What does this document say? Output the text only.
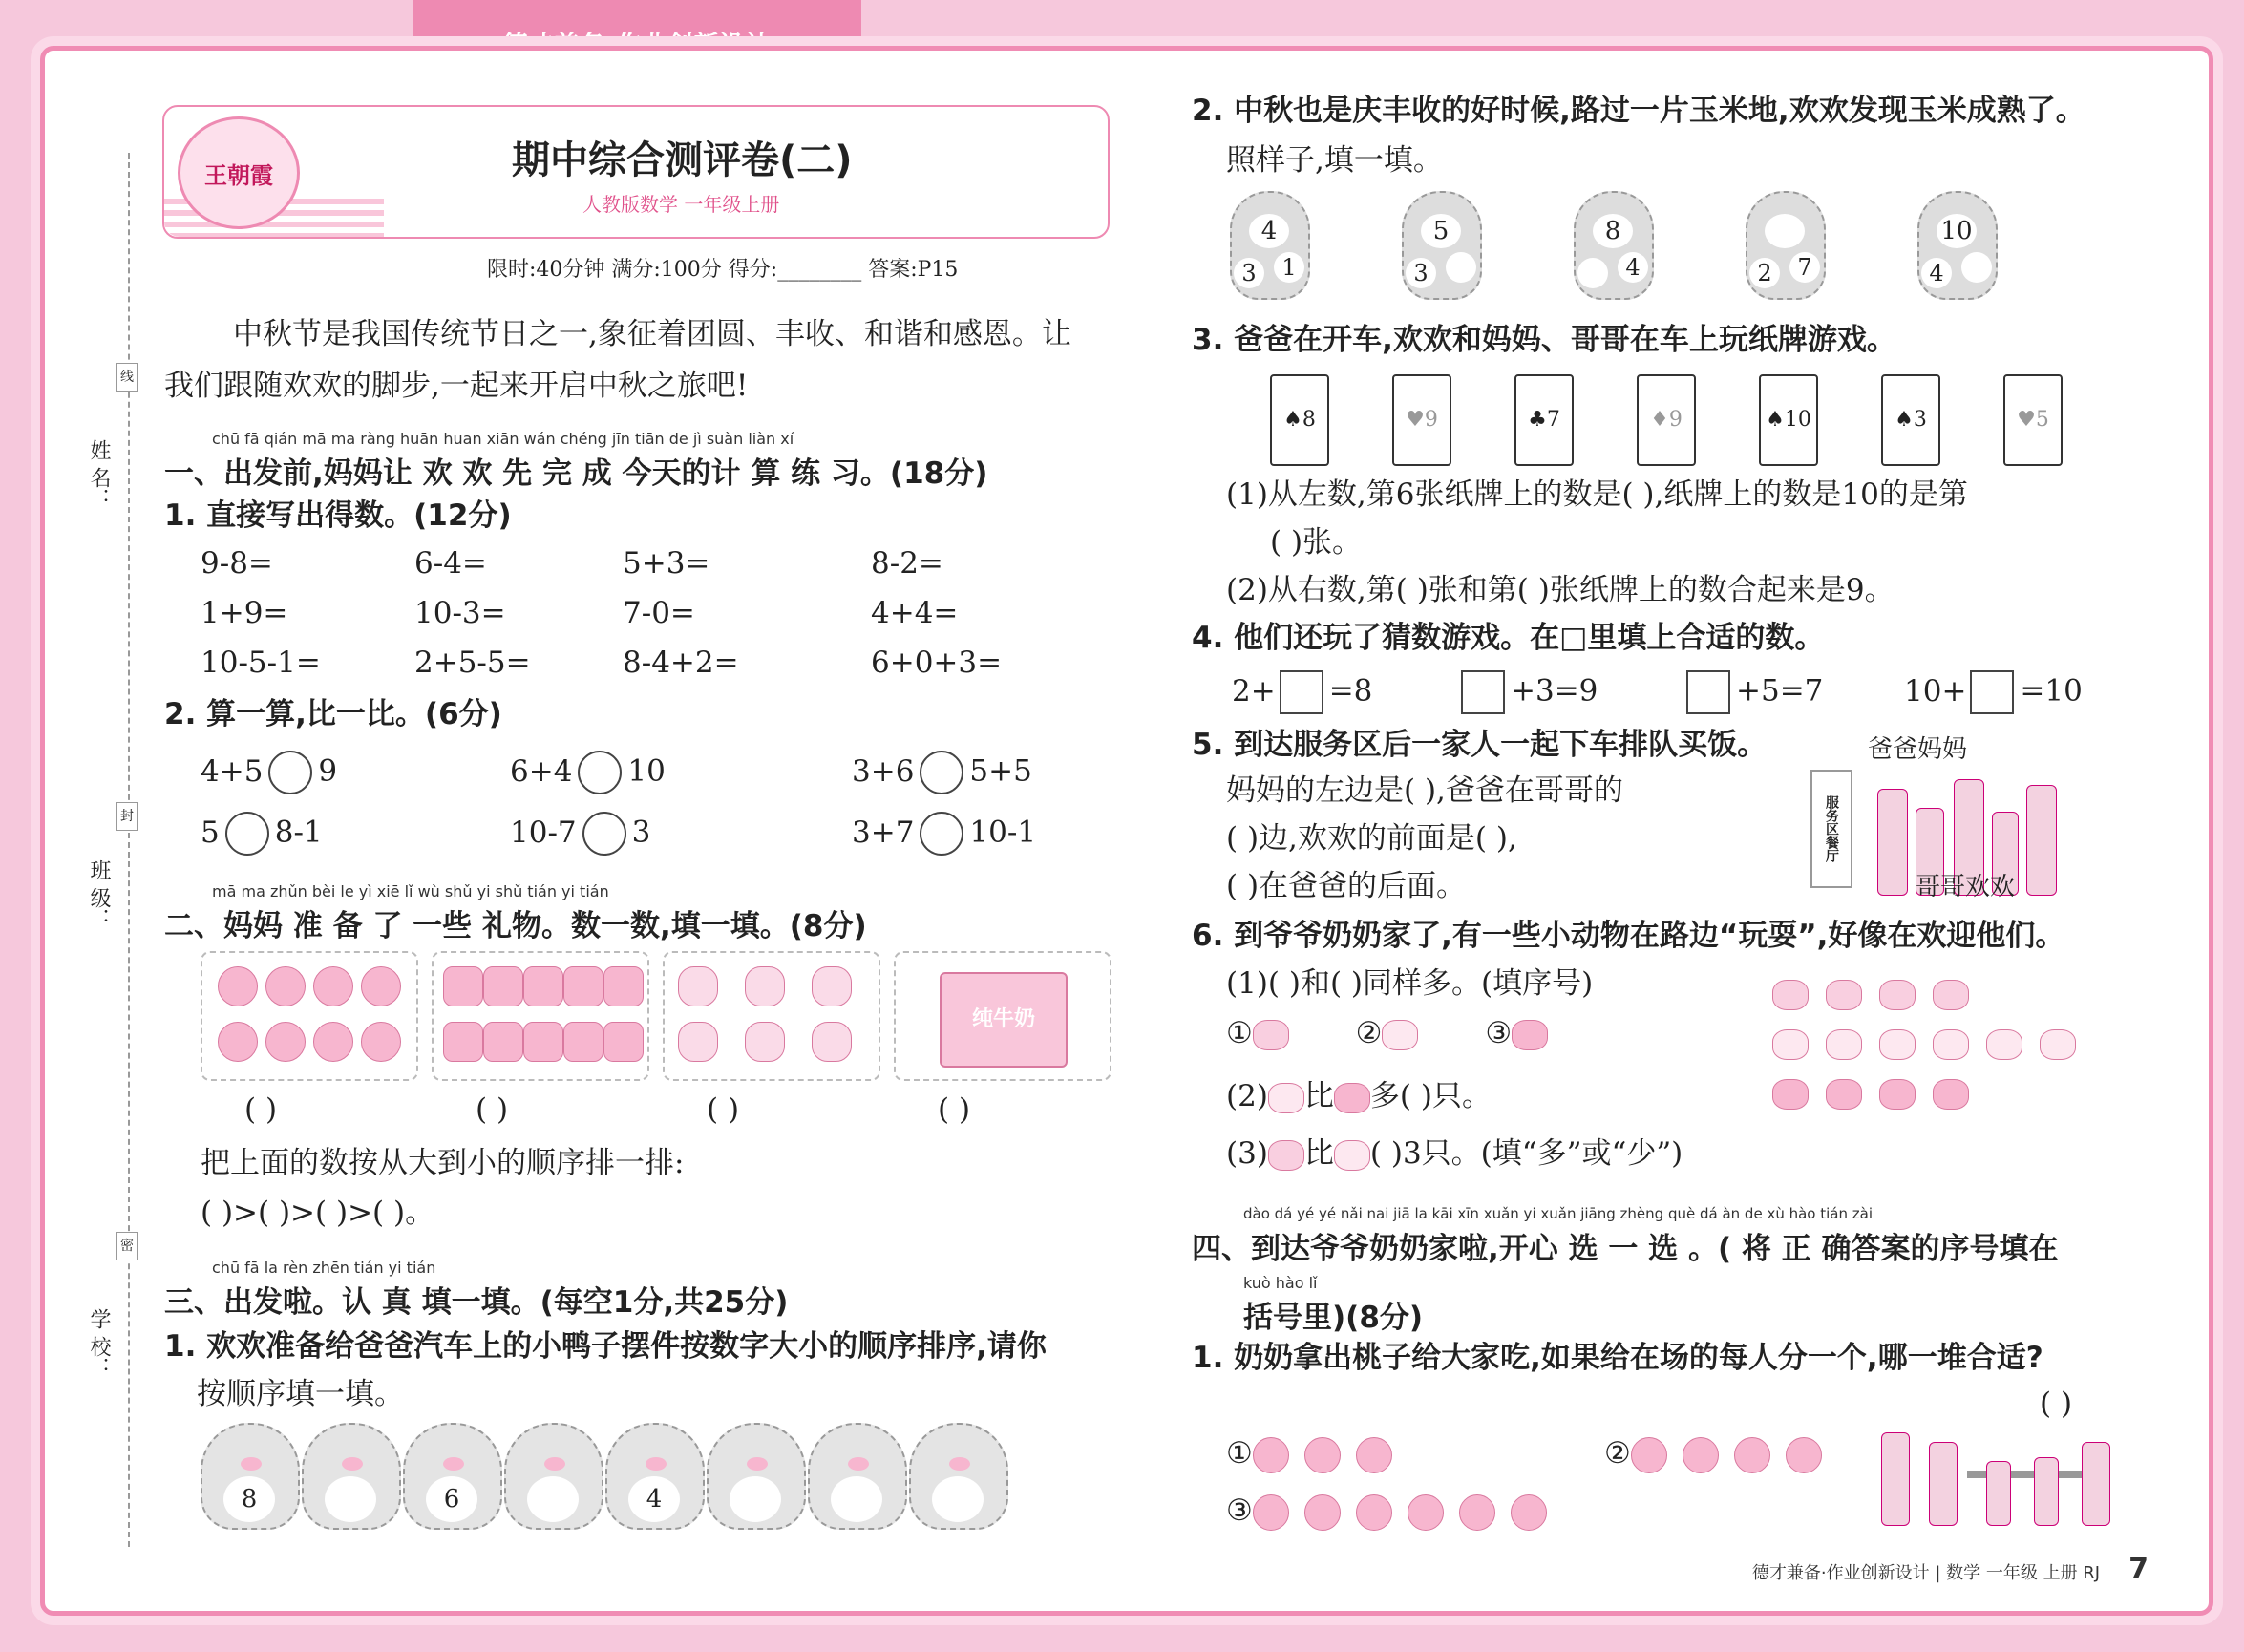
线
封
密
姓 名：
班 级：
学 校：
王朝霞	期中综合测评卷(二)
人教版数学 一年级上册
限时:40分钟 满分:100分 得分:________ 答案:P15
中秋节是我国传统节日之一,象征着团圆、丰收、和谐和感恩。让
我们跟随欢欢的脚步,一起来开启中秋之旅吧!
chū fā qián mā ma ràng huān huan xiān wán chéng jīn tiān de jì suàn liàn xí
一、出发前,妈妈让 欢 欢 先 完 成 今天的计 算 练 习。(18分)
1. 直接写出得数。(12分)
9-8=	6-4=	5+3=	8-2=
1+9=	10-3=	7-0=	4+4=
10-5-1=	2+5-5=	8-4+2=	6+0+3=
2. 算一算,比一比。(6分)
4+5 9	6+4 10	3+6 5+5
5 8-1	10-7 3	3+7 10-1
mā ma zhǔn bèi le yì xiē lǐ wù shǔ yi shǔ tián yi tián
二、妈妈 准 备 了 一些 礼物。数一数,填一填。(8分)
纯牛奶
( )	( )	( )	( )
把上面的数按从大到小的顺序排一排:
( )>( )>( )>( )。
chū fā la rèn zhēn tián yi tián
三、出发啦。认 真 填一填。(每空1分,共25分)
1. 欢欢准备给爸爸汽车上的小鸭子摆件按数字大小的顺序排序,请你
按顺序填一填。
8	6	4
2. 中秋也是庆丰收的好时候,路过一片玉米地,欢欢发现玉米成熟了。
照样子,填一填。
4
3	1
5
3
8
4	2	7
10
4
3. 爸爸在开车,欢欢和妈妈、哥哥在车上玩纸牌游戏。
♠8	♥9	♣7	♦9	♠10	♠3	♥5
(1)从左数,第6张纸牌上的数是( ),纸牌上的数是10的是第
( )张。
(2)从右数,第( )张和第( )张纸牌上的数合起来是9。
4. 他们还玩了猜数游戏。在□里填上合适的数。
2+ =8	+3=9	+5=7	10+ =10
5. 到达服务区后一家人一起下车排队买饭。
妈妈的左边是( ),爸爸在哥哥的
( )边,欢欢的前面是( ),
( )在爸爸的后面。
服务区餐厅
爸爸妈妈
哥哥欢欢
6. 到爷爷奶奶家了,有一些小动物在路边“玩耍”,好像在欢迎他们。
(1)( )和( )同样多。(填序号)
①	②	③
(2) 比 多( )只。
(3) 比 ( )3只。(填“多”或“少”)
dào dá yé yé nǎi nai jiā la kāi xīn xuǎn yi xuǎn jiāng zhèng què dá àn de xù hào tián zài
四、到达爷爷奶奶家啦,开心 选 一 选 。( 将 正 确答案的序号填在
kuò hào lǐ
括号里)(8分)
1. 奶奶拿出桃子给大家吃,如果给在场的每人分一个,哪一堆合适?
( )
①	②
③
德才兼备·作业创新设计 | 数学 一年级 上册 RJ 7
